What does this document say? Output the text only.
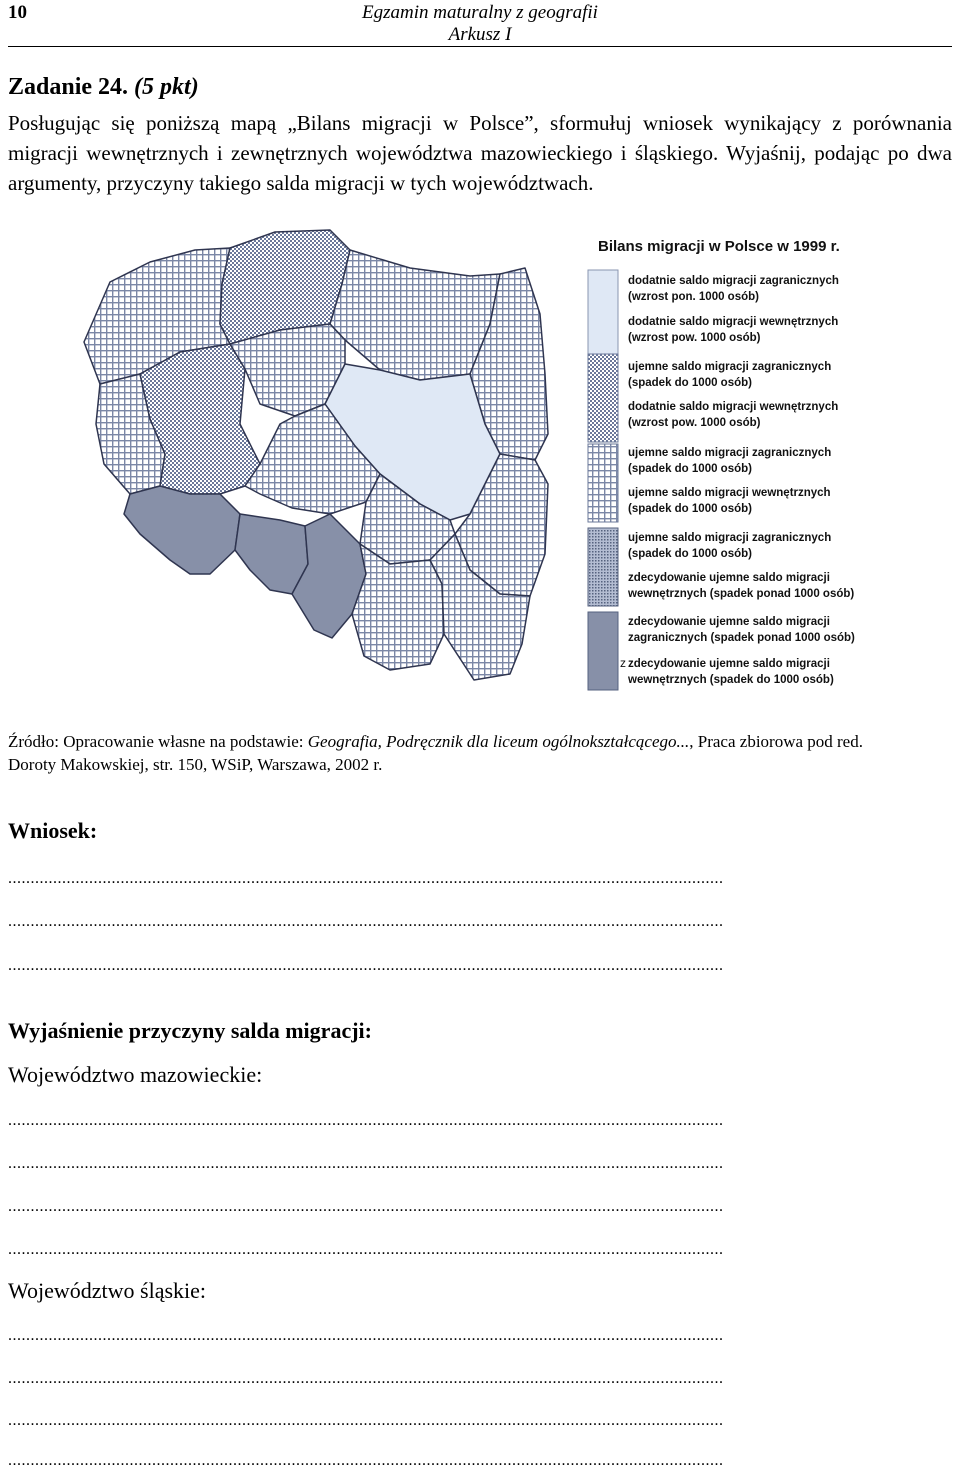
10	Egzamin maturalny z geografii
Arkusz I
Zadanie 24. (5 pkt)

Posługując się poniższą mapą „Bilans migracji w Polsce”, sformułuj wniosek wynikający z porównania migracji wewnętrznych i zewnętrznych województwa mazowieckiego i śląskiego. Wyjaśnij, podając po dwa argumenty, przyczyny takiego salda migracji w tych województwach.

Bilans migracji w Polsce w 1999 r.
dodatnie saldo migracji zagranicznych
(wzrost pon. 1000 osób)
dodatnie saldo migracji wewnętrznych
(wzrost pow. 1000 osób)
ujemne saldo migracji zagranicznych
(spadek do 1000 osób)
dodatnie saldo migracji wewnętrznych
(wzrost pow. 1000 osób)
ujemne saldo migracji zagranicznych
(spadek do 1000 osób)
ujemne saldo migracji wewnętrznych
(spadek do 1000 osób)
ujemne saldo migracji zagranicznych
(spadek do 1000 osób)
zdecydowanie ujemne saldo migracji
wewnętrznych (spadek ponad 1000 osób)
zdecydowanie ujemne saldo migracji
zagranicznych (spadek ponad 1000 osób)
z zdecydowanie ujemne saldo migracji
wewnętrznych (spadek do 1000 osób)

Źródło: Opracowanie własne na podstawie: Geografia, Podręcznik dla liceum ogólnokształcącego..., Praca zbiorowa pod red.
Doroty Makowskiej, str. 150, WSiP, Warszawa, 2002 r.

Wniosek:
...............................................................................................................................................................
...............................................................................................................................................................
...............................................................................................................................................................
Wyjaśnienie przyczyny salda migracji:
Województwo mazowieckie:
...............................................................................................................................................................
...............................................................................................................................................................
...............................................................................................................................................................
...............................................................................................................................................................
Województwo śląskie:
...............................................................................................................................................................
...............................................................................................................................................................
...............................................................................................................................................................
...............................................................................................................................................................
